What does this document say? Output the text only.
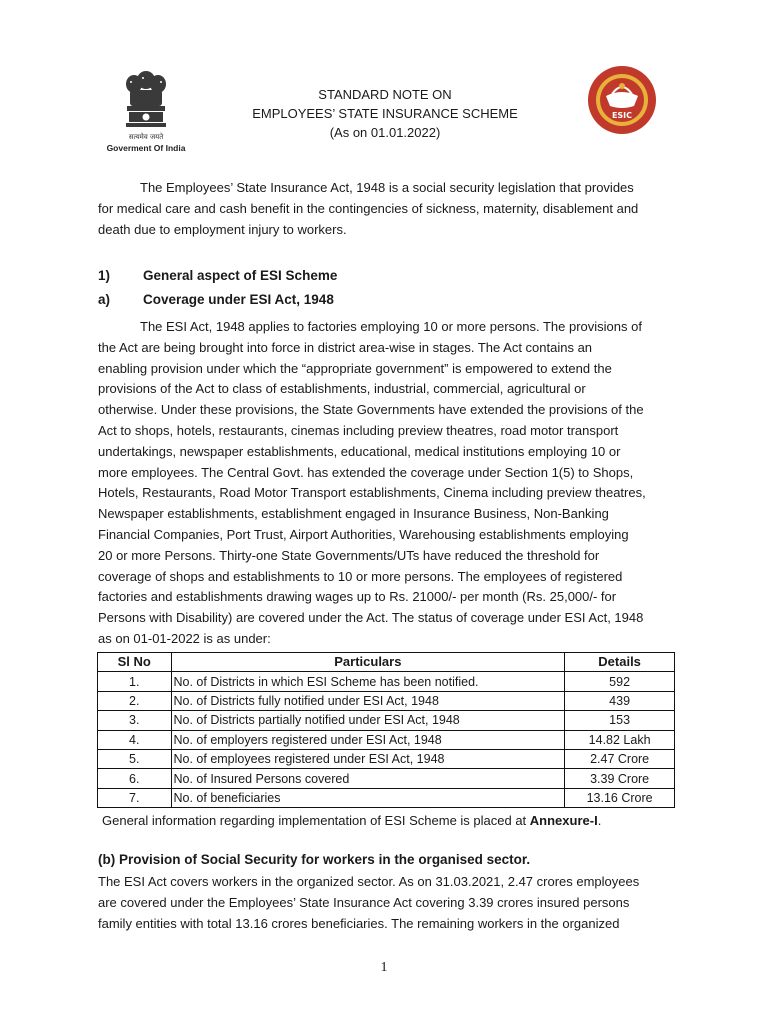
सत्यमेव जयते
Goverment Of India
STANDARD NOTE ON
EMPLOYEES’ STATE INSURANCE SCHEME
(As on 01.01.2022)
ESIC
The Employees’ State Insurance Act, 1948 is a social security legislation that provides
for medical care and cash benefit in the contingencies of sickness, maternity, disablement and
death due to employment injury to workers.
1) General aspect of ESI Scheme
a) Coverage under ESI Act, 1948
The ESI Act, 1948 applies to factories employing 10 or more persons. The provisions of
the Act are being brought into force in district area-wise in stages. The Act contains an
enabling provision under which the “appropriate government” is empowered to extend the
provisions of the Act to class of establishments, industrial, commercial, agricultural or
otherwise. Under these provisions, the State Governments have extended the provisions of the
Act to shops, hotels, restaurants, cinemas including preview theatres, road motor transport
undertakings, newspaper establishments, educational, medical institutions employing 10 or
more employees. The Central Govt. has extended the coverage under Section 1(5) to Shops,
Hotels, Restaurants, Road Motor Transport establishments, Cinema including preview theatres,
Newspaper establishments, establishment engaged in Insurance Business, Non-Banking
Financial Companies, Port Trust, Airport Authorities, Warehousing establishments employing
20 or more Persons. Thirty-one State Governments/UTs have reduced the threshold for
coverage of shops and establishments to 10 or more persons. The employees of registered
factories and establishments drawing wages up to Rs. 21000/- per month (Rs. 25,000/- for
Persons with Disability) are covered under the Act. The status of coverage under ESI Act, 1948
as on 01-01-2022 is as under:
Sl No	Particulars	Details
1.	No. of Districts in which ESI Scheme has been notified.	592
2.	No. of Districts fully notified under ESI Act, 1948	439
3.	No. of Districts partially notified under ESI Act, 1948	153
4.	No. of employers registered under ESI Act, 1948	14.82 Lakh
5.	No. of employees registered under ESI Act, 1948	2.47 Crore
6.	No. of Insured Persons covered	3.39 Crore
7.	No. of beneficiaries	13.16 Crore
General information regarding implementation of ESI Scheme is placed at Annexure-I.
(b) Provision of Social Security for workers in the organised sector.
The ESI Act covers workers in the organized sector. As on 31.03.2021, 2.47 crores employees
are covered under the Employees’ State Insurance Act covering 3.39 crores insured persons
family entities with total 13.16 crores beneficiaries. The remaining workers in the organized
1
